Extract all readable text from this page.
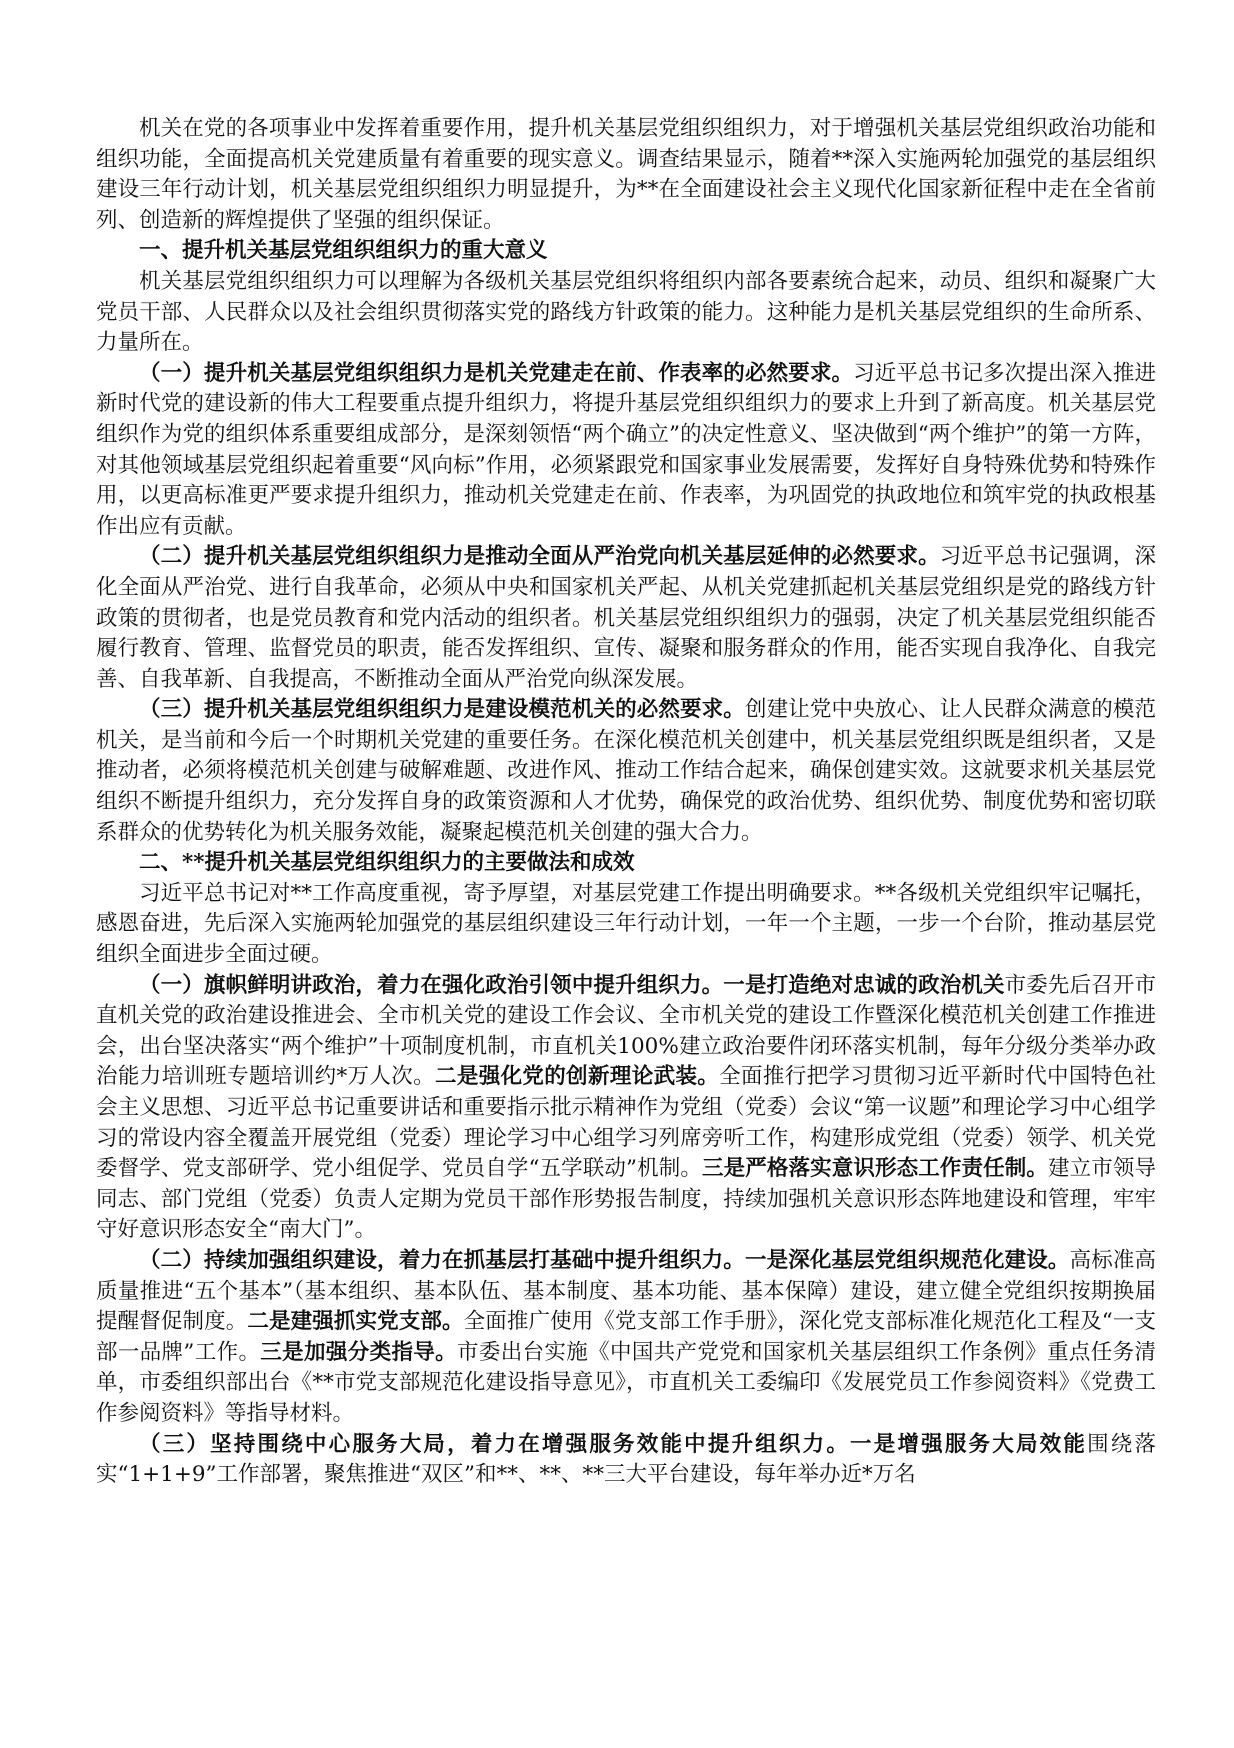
机关在党的各项事业中发挥着重要作用，提升机关基层党组织组织力，对于增强机关基层党组织政治功能和组织功能，全面提高机关党建质量有着重要的现实意义。调查结果显示，随着**深入实施两轮加强党的基层组织建设三年行动计划，机关基层党组织组织力明显提升，为**在全面建设社会主义现代化国家新征程中走在全省前列、创造新的辉煌提供了坚强的组织保证。

一、提升机关基层党组织组织力的重大意义

机关基层党组织组织力可以理解为各级机关基层党组织将组织内部各要素统合起来，动员、组织和凝聚广大党员干部、人民群众以及社会组织贯彻落实党的路线方针政策的能力。这种能力是机关基层党组织的生命所系、力量所在。

（一）提升机关基层党组织组织力是机关党建走在前、作表率的必然要求。习近平总书记多次提出深入推进新时代党的建设新的伟大工程要重点提升组织力，将提升基层党组织组织力的要求上升到了新高度。机关基层党组织作为党的组织体系重要组成部分，是深刻领悟“两个确立”的决定性意义、坚决做到“两个维护”的第一方阵，对其他领域基层党组织起着重要“风向标”作用，必须紧跟党和国家事业发展需要，发挥好自身特殊优势和特殊作用，以更高标准更严要求提升组织力，推动机关党建走在前、作表率，为巩固党的执政地位和筑牢党的执政根基作出应有贡献。

（二）提升机关基层党组织组织力是推动全面从严治党向机关基层延伸的必然要求。习近平总书记强调，深化全面从严治党、进行自我革命，必须从中央和国家机关严起、从机关党建抓起机关基层党组织是党的路线方针政策的贯彻者，也是党员教育和党内活动的组织者。机关基层党组织组织力的强弱，决定了机关基层党组织能否履行教育、管理、监督党员的职责，能否发挥组织、宣传、凝聚和服务群众的作用，能否实现自我净化、自我完善、自我革新、自我提高，不断推动全面从严治党向纵深发展。

（三）提升机关基层党组织组织力是建设模范机关的必然要求。创建让党中央放心、让人民群众满意的模范机关，是当前和今后一个时期机关党建的重要任务。在深化模范机关创建中，机关基层党组织既是组织者，又是推动者，必须将模范机关创建与破解难题、改进作风、推动工作结合起来，确保创建实效。这就要求机关基层党组织不断提升组织力，充分发挥自身的政策资源和人才优势，确保党的政治优势、组织优势、制度优势和密切联系群众的优势转化为机关服务效能，凝聚起模范机关创建的强大合力。

二、**提升机关基层党组织组织力的主要做法和成效

习近平总书记对**工作高度重视，寄予厚望，对基层党建工作提出明确要求。**各级机关党组织牢记嘱托，感恩奋进，先后深入实施两轮加强党的基层组织建设三年行动计划，一年一个主题，一步一个台阶，推动基层党组织全面进步全面过硬。

（一）旗帜鲜明讲政治，着力在强化政治引领中提升组织力。一是打造绝对忠诚的政治机关市委先后召开市直机关党的政治建设推进会、全市机关党的建设工作会议、全市机关党的建设工作暨深化模范机关创建工作推进会，出台坚决落实“两个维护”十项制度机制，市直机关100%建立政治要件闭环落实机制，每年分级分类举办政治能力培训班专题培训约*万人次。二是强化党的创新理论武装。全面推行把学习贯彻习近平新时代中国特色社会主义思想、习近平总书记重要讲话和重要指示批示精神作为党组（党委）会议“第一议题”和理论学习中心组学习的常设内容全覆盖开展党组（党委）理论学习中心组学习列席旁听工作，构建形成党组（党委）领学、机关党委督学、党支部研学、党小组促学、党员自学“五学联动”机制。三是严格落实意识形态工作责任制。建立市领导同志、部门党组（党委）负责人定期为党员干部作形势报告制度，持续加强机关意识形态阵地建设和管理，牢牢守好意识形态安全“南大门”。

（二）持续加强组织建设，着力在抓基层打基础中提升组织力。一是深化基层党组织规范化建设。高标准高质量推进“五个基本”（基本组织、基本队伍、基本制度、基本功能、基本保障）建设，建立健全党组织按期换届提醒督促制度。二是建强抓实党支部。全面推广使用《党支部工作手册》，深化党支部标准化规范化工程及“一支部一品牌”工作。三是加强分类指导。市委出台实施《中国共产党党和国家机关基层组织工作条例》重点任务清单，市委组织部出台《**市党支部规范化建设指导意见》，市直机关工委编印《发展党员工作参阅资料》《党费工作参阅资料》等指导材料。

（三）坚持围绕中心服务大局，着力在增强服务效能中提升组织力。一是增强服务大局效能围绕落实“1+1+9”工作部署，聚焦推进“双区”和**、**、**三大平台建设，每年举办近*万名
